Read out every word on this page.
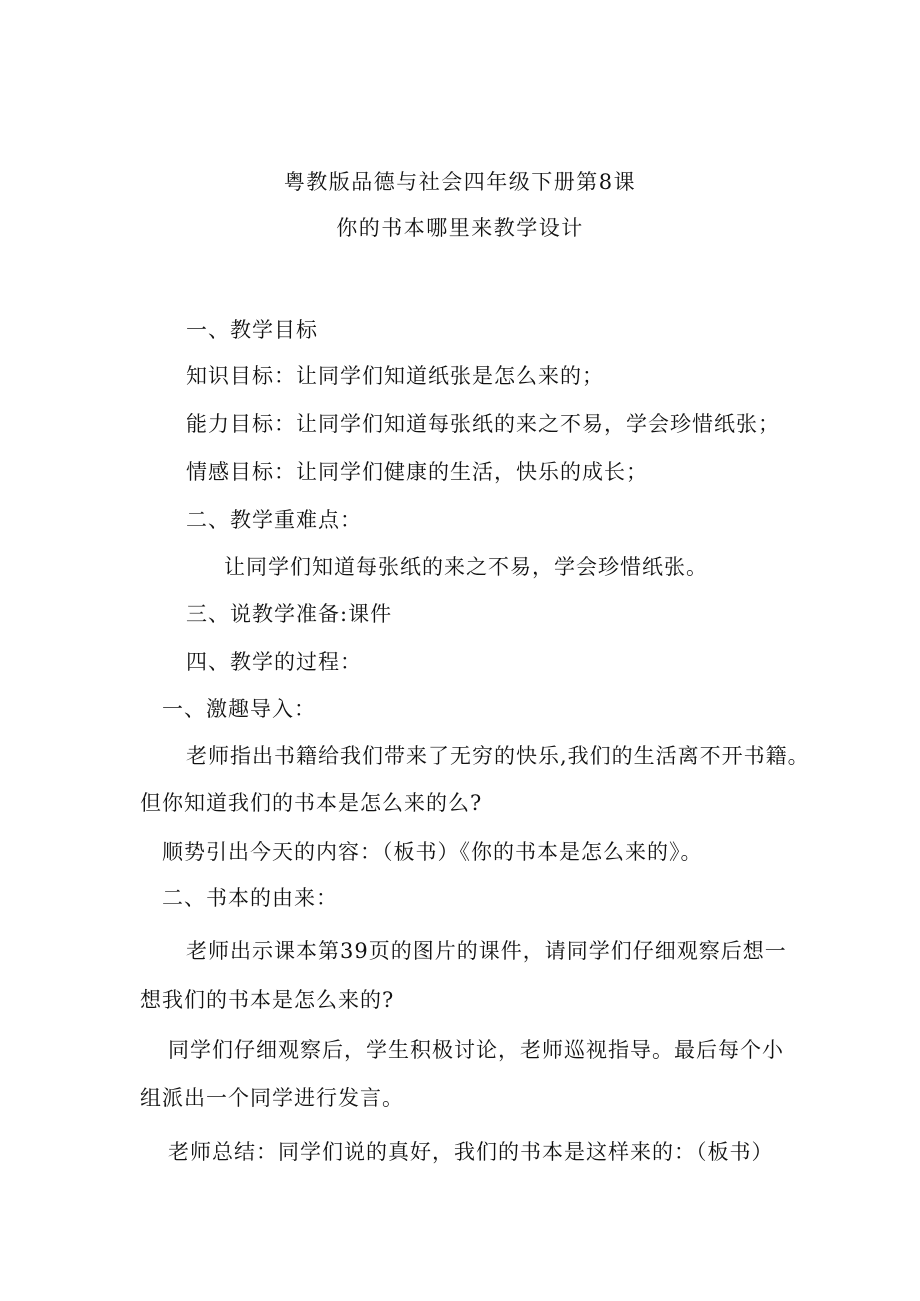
粤教版品德与社会四年级下册第8课
你的书本哪里来教学设计
一、教学目标
知识目标：让同学们知道纸张是怎么来的；
能力目标：让同学们知道每张纸的来之不易，学会珍惜纸张；
情感目标：让同学们健康的生活，快乐的成长；
二、教学重难点：
让同学们知道每张纸的来之不易，学会珍惜纸张。
三、说教学准备:课件
四、教学的过程：
一、激趣导入：
老师指出书籍给我们带来了无穷的快乐,我们的生活离不开书籍。
但你知道我们的书本是怎么来的么?
顺势引出今天的内容：（板书）《你的书本是怎么来的》。
二、书本的由来：
老师出示课本第39页的图片的课件，请同学们仔细观察后想一
想我们的书本是怎么来的?
同学们仔细观察后，学生积极讨论，老师巡视指导。最后每个小
组派出一个同学进行发言。
老师总结：同学们说的真好，我们的书本是这样来的：（板书）
